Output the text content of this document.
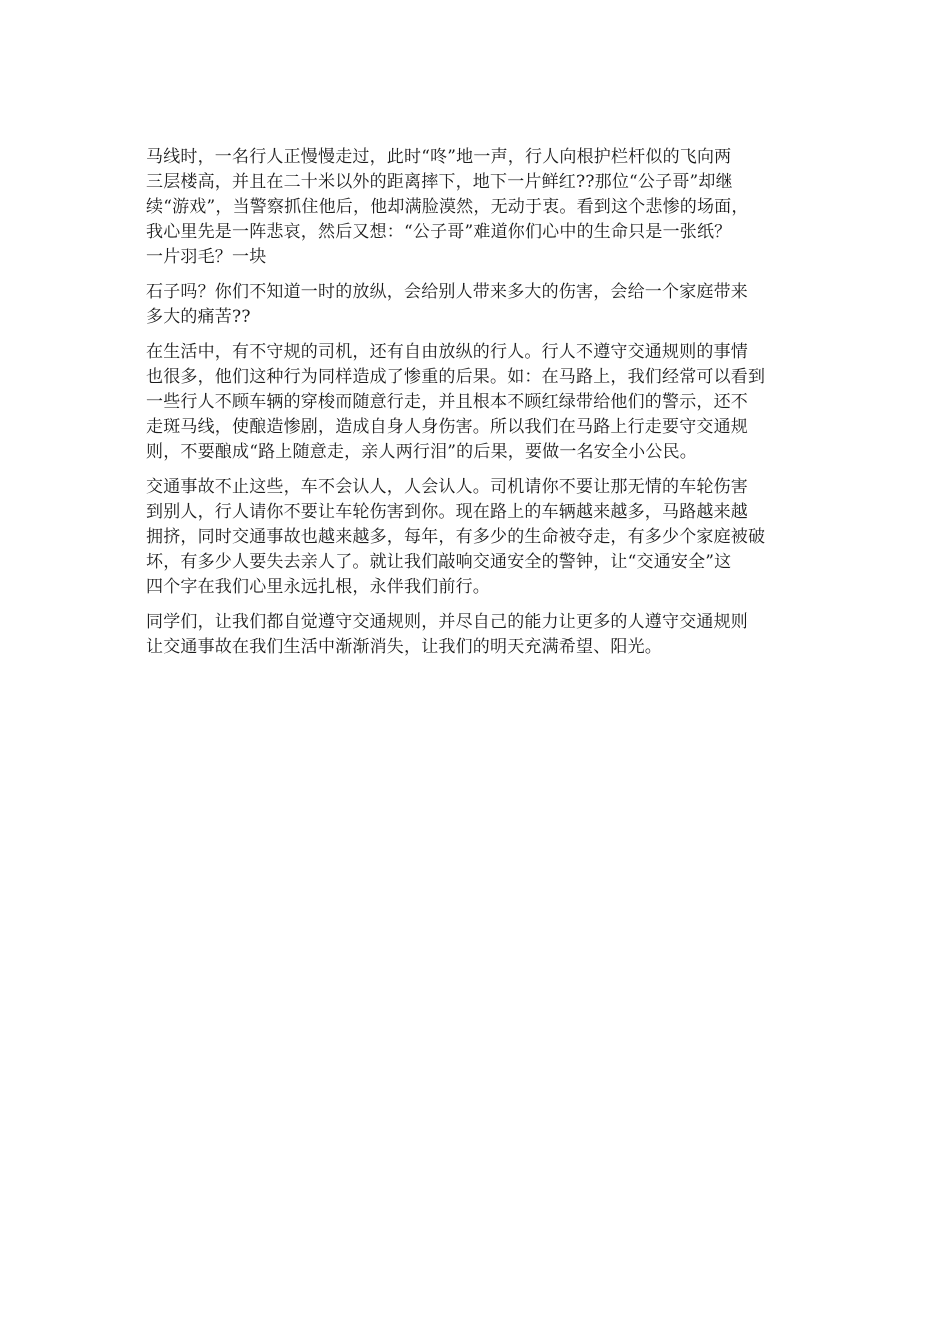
马线时，一名行人正慢慢走过，此时“咚”地一声，行人向根护栏杆似的飞向两
三层楼高，并且在二十米以外的距离摔下，地下一片鲜红??那位“公子哥”却继
续“游戏”，当警察抓住他后，他却满脸漠然，无动于衷。看到这个悲惨的场面，
我心里先是一阵悲哀，然后又想：“公子哥”难道你们心中的生命只是一张纸？
一片羽毛？一块

石子吗？你们不知道一时的放纵，会给别人带来多大的伤害，会给一个家庭带来
多大的痛苦??

在生活中，有不守规的司机，还有自由放纵的行人。行人不遵守交通规则的事情
也很多，他们这种行为同样造成了惨重的后果。如：在马路上，我们经常可以看到
一些行人不顾车辆的穿梭而随意行走，并且根本不顾红绿带给他们的警示，还不
走斑马线，使酿造惨剧，造成自身人身伤害。所以我们在马路上行走要守交通规
则，不要酿成“路上随意走，亲人两行泪”的后果，要做一名安全小公民。

交通事故不止这些，车不会认人，人会认人。司机请你不要让那无情的车轮伤害
到别人，行人请你不要让车轮伤害到你。现在路上的车辆越来越多，马路越来越
拥挤，同时交通事故也越来越多，每年，有多少的生命被夺走，有多少个家庭被破
坏，有多少人要失去亲人了。就让我们敲响交通安全的警钟，让“交通安全”这
四个字在我们心里永远扎根，永伴我们前行。

同学们，让我们都自觉遵守交通规则，并尽自己的能力让更多的人遵守交通规则
让交通事故在我们生活中渐渐消失，让我们的明天充满希望、阳光。
